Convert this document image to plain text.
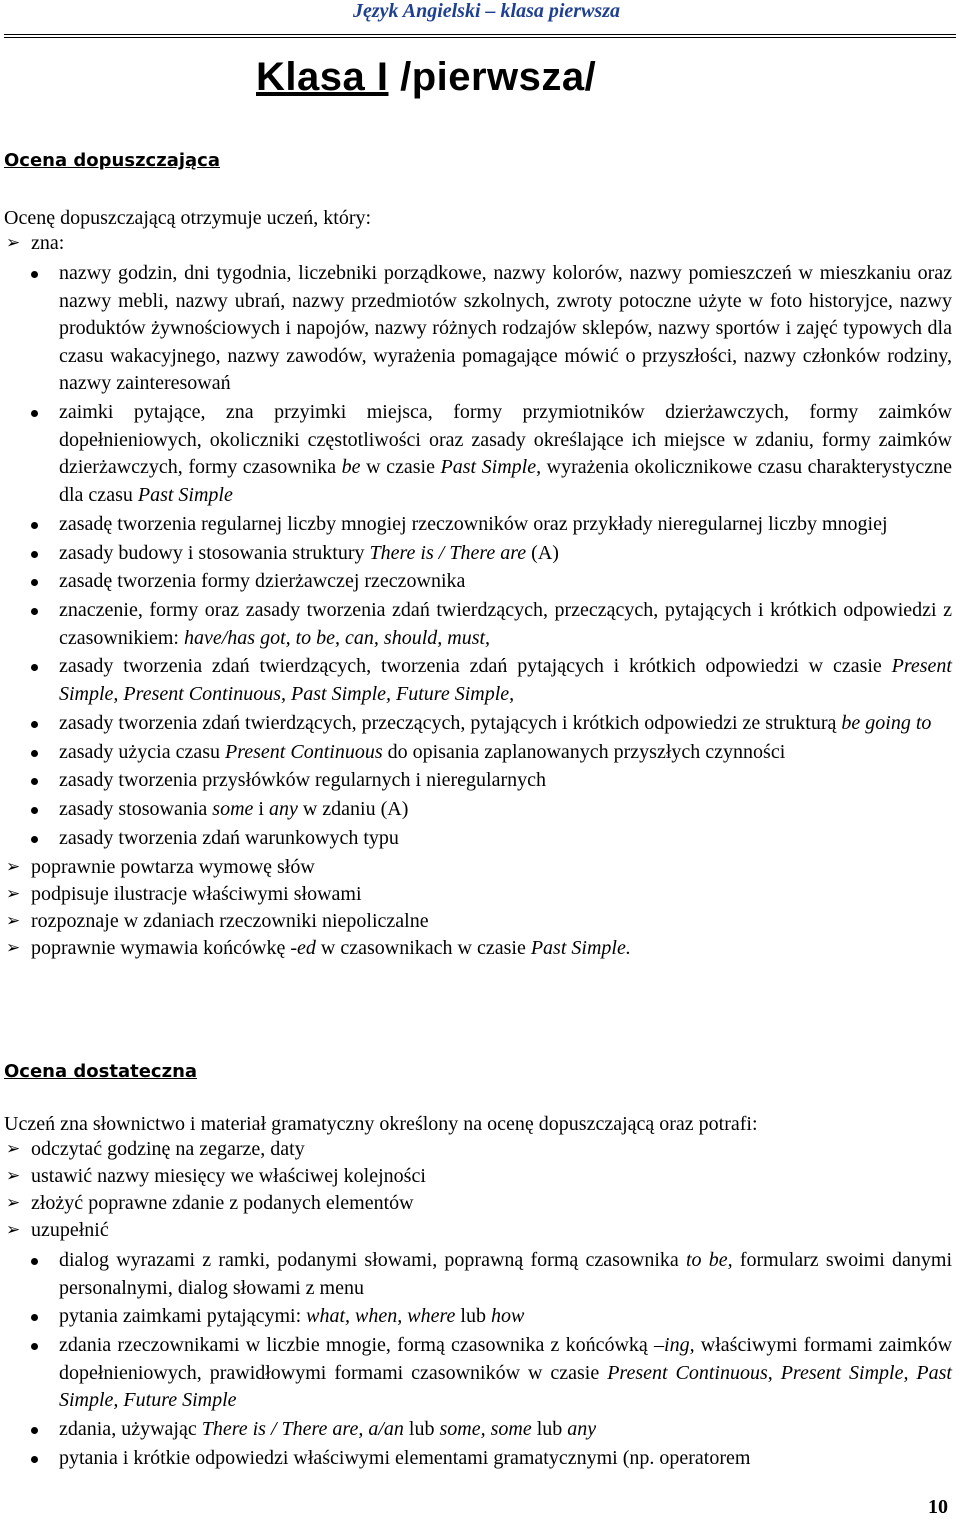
Język Angielski – klasa pierwsza
Klasa I /pierwsza/
Ocena dopuszczająca

Ocenę dopuszczającą otrzymuje uczeń, który:

➢ zna:
nazwy godzin, dni tygodnia, liczebniki porządkowe, nazwy kolorów, nazwy pomieszczeń w mieszkaniu oraz nazwy mebli, nazwy ubrań, nazwy przedmiotów szkolnych, zwroty potoczne użyte w foto historyjce, nazwy produktów żywnościowych i napojów, nazwy różnych rodzajów sklepów, nazwy sportów i zajęć typowych dla czasu wakacyjnego, nazwy zawodów, wyrażenia pomagające mówić o przyszłości, nazwy członków rodziny, nazwy zainteresowań
zaimki pytające, zna przyimki miejsca, formy przymiotników dzierżawczych, formy zaimków dopełnieniowych, okoliczniki częstotliwości oraz zasady określające ich miejsce w zdaniu, formy zaimków dzierżawczych, formy czasownika be w czasie Past Simple, wyrażenia okolicznikowe czasu charakterystyczne dla czasu Past Simple
zasadę tworzenia regularnej liczby mnogiej rzeczowników oraz przykłady nieregularnej liczby mnogiej
zasady budowy i stosowania struktury There is / There are (A)
zasadę tworzenia formy dzierżawczej rzeczownika
znaczenie, formy oraz zasady tworzenia zdań twierdzących, przeczących, pytających i krótkich odpowiedzi z czasownikiem: have/has got, to be, can, should, must,
zasady tworzenia zdań twierdzących, tworzenia zdań pytających i krótkich odpowiedzi w czasie Present Simple, Present Continuous, Past Simple, Future Simple,
zasady tworzenia zdań twierdzących, przeczących, pytających i krótkich odpowiedzi ze strukturą be going to
zasady użycia czasu Present Continuous do opisania zaplanowanych przyszłych czynności
zasady tworzenia przysłówków regularnych i nieregularnych
zasady stosowania some i any w zdaniu (A)
zasady tworzenia zdań warunkowych typu
➢ poprawnie powtarza wymowę słów
➢ podpisuje ilustracje właściwymi słowami
➢ rozpoznaje w zdaniach rzeczowniki niepoliczalne
➢ poprawnie wymawia końcówkę -ed w czasownikach w czasie Past Simple.
Ocena dostateczna

Uczeń zna słownictwo i materiał gramatyczny określony na ocenę dopuszczającą oraz potrafi:

➢ odczytać godzinę na zegarze, daty
➢ ustawić nazwy miesięcy we właściwej kolejności
➢ złożyć poprawne zdanie z podanych elementów
➢ uzupełnić
dialog wyrazami z ramki, podanymi słowami, poprawną formą czasownika to be, formularz swoimi danymi personalnymi, dialog słowami z menu
pytania zaimkami pytającymi: what, when, where lub how
zdania rzeczownikami w liczbie mnogie, formą czasownika z końcówką –ing, właściwymi formami zaimków dopełnieniowych, prawidłowymi formami czasowników w czasie Present Continuous, Present Simple, Past Simple, Future Simple
zdania, używając There is / There are, a/an lub some, some lub any
pytania i krótkie odpowiedzi właściwymi elementami gramatycznymi (np. operatorem
10
